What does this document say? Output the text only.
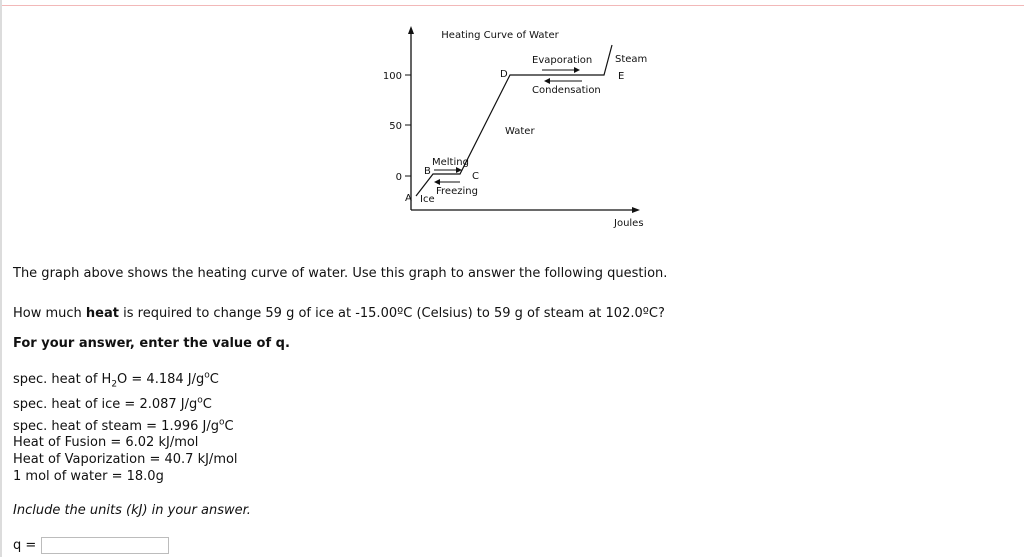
100
50
0
Heating Curve of Water
A
B	C
D	E
Ice
Water
Steam
Melting
Freezing
Evaporation
Condensation
Joules
The graph above shows the heating curve of water. Use this graph to answer the following question.
How much heat is required to change 59 g of ice at -15.00ºC (Celsius) to 59 g of steam at 102.0ºC?
For your answer, enter the value of q.
spec. heat of $H_2O = 4.184$ $J/g^oC$
spec. heat of ice = 2.087 $J/g^oC$
spec. heat of steam = 1.996 $J/g^oC$
Heat of Fusion = 6.02 kJ/mol
Heat of Vaporization = 40.7 kJ/mol
1 mol of water = 18.0g
Include the units (kJ) in your answer.
q =
